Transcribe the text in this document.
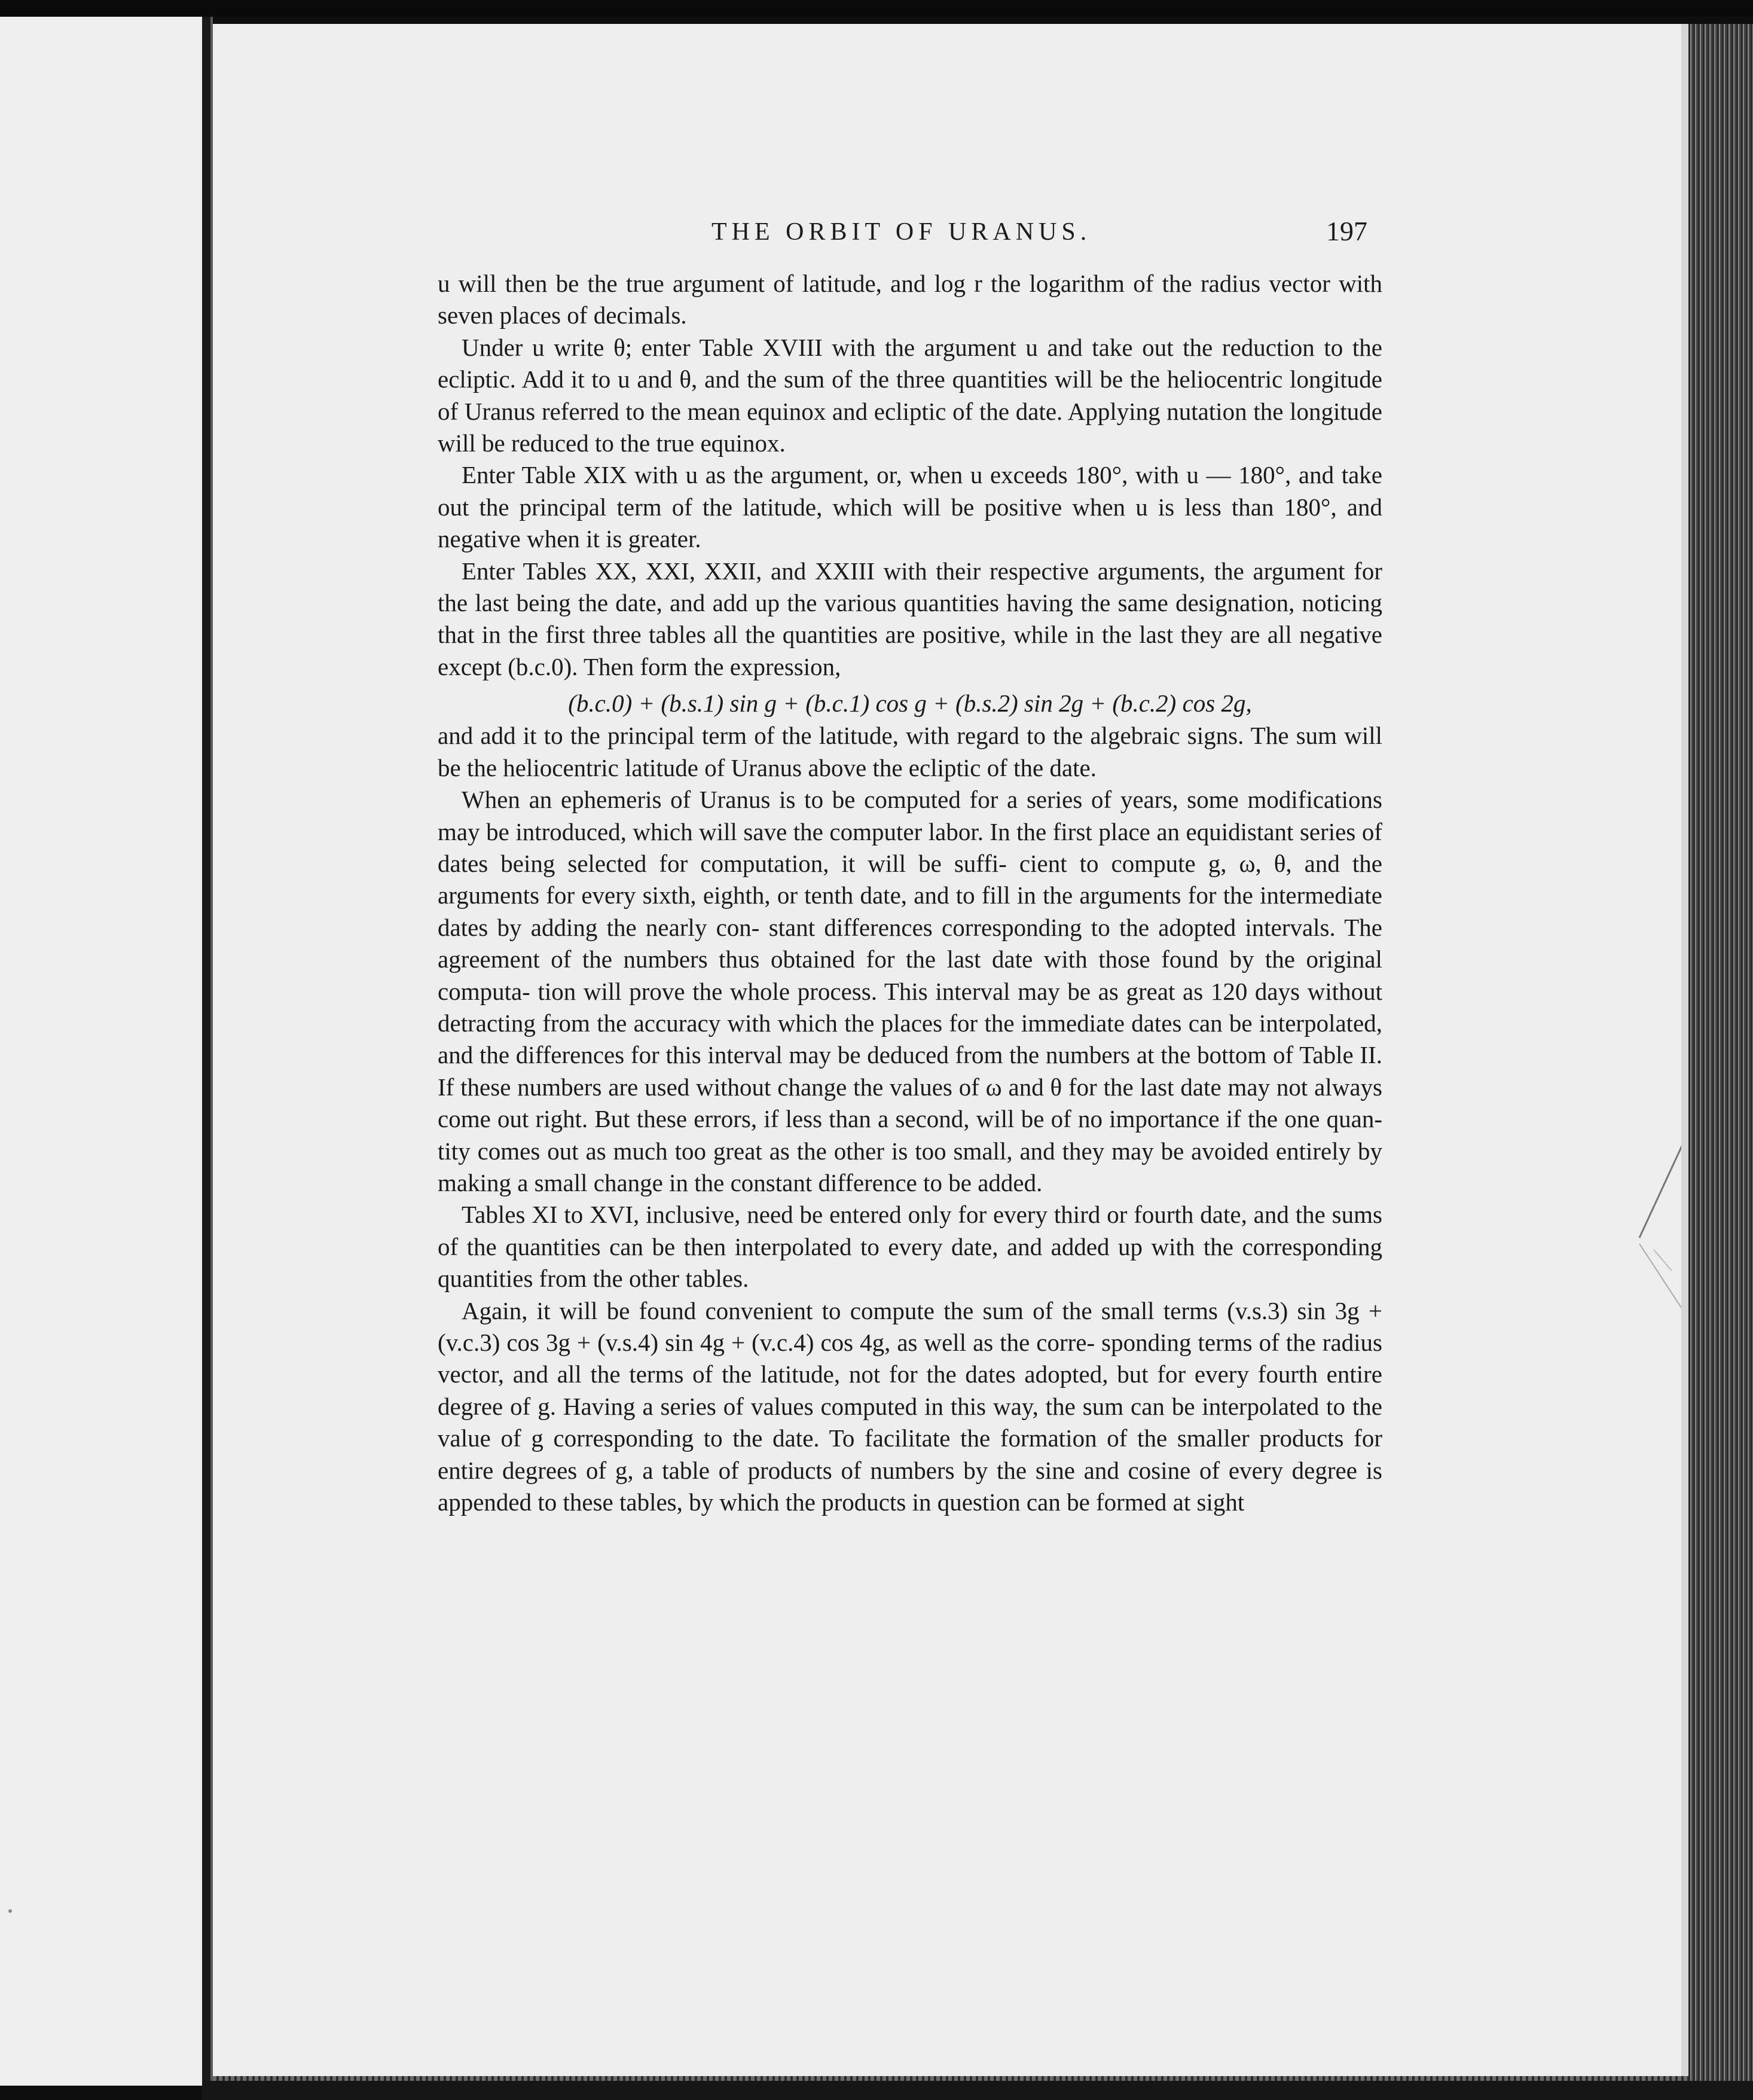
THE ORBIT OF URANUS.	197

u will then be the true argument of latitude, and log r the logarithm of the radius vector with seven places of decimals.

Under u write θ; enter Table XVIII with the argument u and take out the reduction to the ecliptic. Add it to u and θ, and the sum of the three quantities will be the heliocentric longitude of Uranus referred to the mean equinox and ecliptic of the date. Applying nutation the longitude will be reduced to the true equinox.

Enter Table XIX with u as the argument, or, when u exceeds 180°, with u — 180°, and take out the principal term of the latitude, which will be positive when u is less than 180°, and negative when it is greater.

Enter Tables XX, XXI, XXII, and XXIII with their respective arguments, the argument for the last being the date, and add up the various quantities having the same designation, noticing that in the first three tables all the quantities are positive, while in the last they are all negative except (b.c.0). Then form the expression,

(b.c.0) + (b.s.1) sin g + (b.c.1) cos g + (b.s.2) sin 2g + (b.c.2) cos 2g,

and add it to the principal term of the latitude, with regard to the algebraic signs. The sum will be the heliocentric latitude of Uranus above the ecliptic of the date.

When an ephemeris of Uranus is to be computed for a series of years, some modifications may be introduced, which will save the computer labor. In the first place an equidistant series of dates being selected for computation, it will be suffi- cient to compute g, ω, θ, and the arguments for every sixth, eighth, or tenth date, and to fill in the arguments for the intermediate dates by adding the nearly con- stant differences corresponding to the adopted intervals. The agreement of the numbers thus obtained for the last date with those found by the original computa- tion will prove the whole process. This interval may be as great as 120 days without detracting from the accuracy with which the places for the immediate dates can be interpolated, and the differences for this interval may be deduced from the numbers at the bottom of Table II. If these numbers are used without change the values of ω and θ for the last date may not always come out right. But these errors, if less than a second, will be of no importance if the one quan- tity comes out as much too great as the other is too small, and they may be avoided entirely by making a small change in the constant difference to be added.

Tables XI to XVI, inclusive, need be entered only for every third or fourth date, and the sums of the quantities can be then interpolated to every date, and added up with the corresponding quantities from the other tables.

Again, it will be found convenient to compute the sum of the small terms (v.s.3) sin 3g + (v.c.3) cos 3g + (v.s.4) sin 4g + (v.c.4) cos 4g, as well as the corre- sponding terms of the radius vector, and all the terms of the latitude, not for the dates adopted, but for every fourth entire degree of g. Having a series of values computed in this way, the sum can be interpolated to the value of g corresponding to the date. To facilitate the formation of the smaller products for entire degrees of g, a table of products of numbers by the sine and cosine of every degree is appended to these tables, by which the products in question can be formed at sight
